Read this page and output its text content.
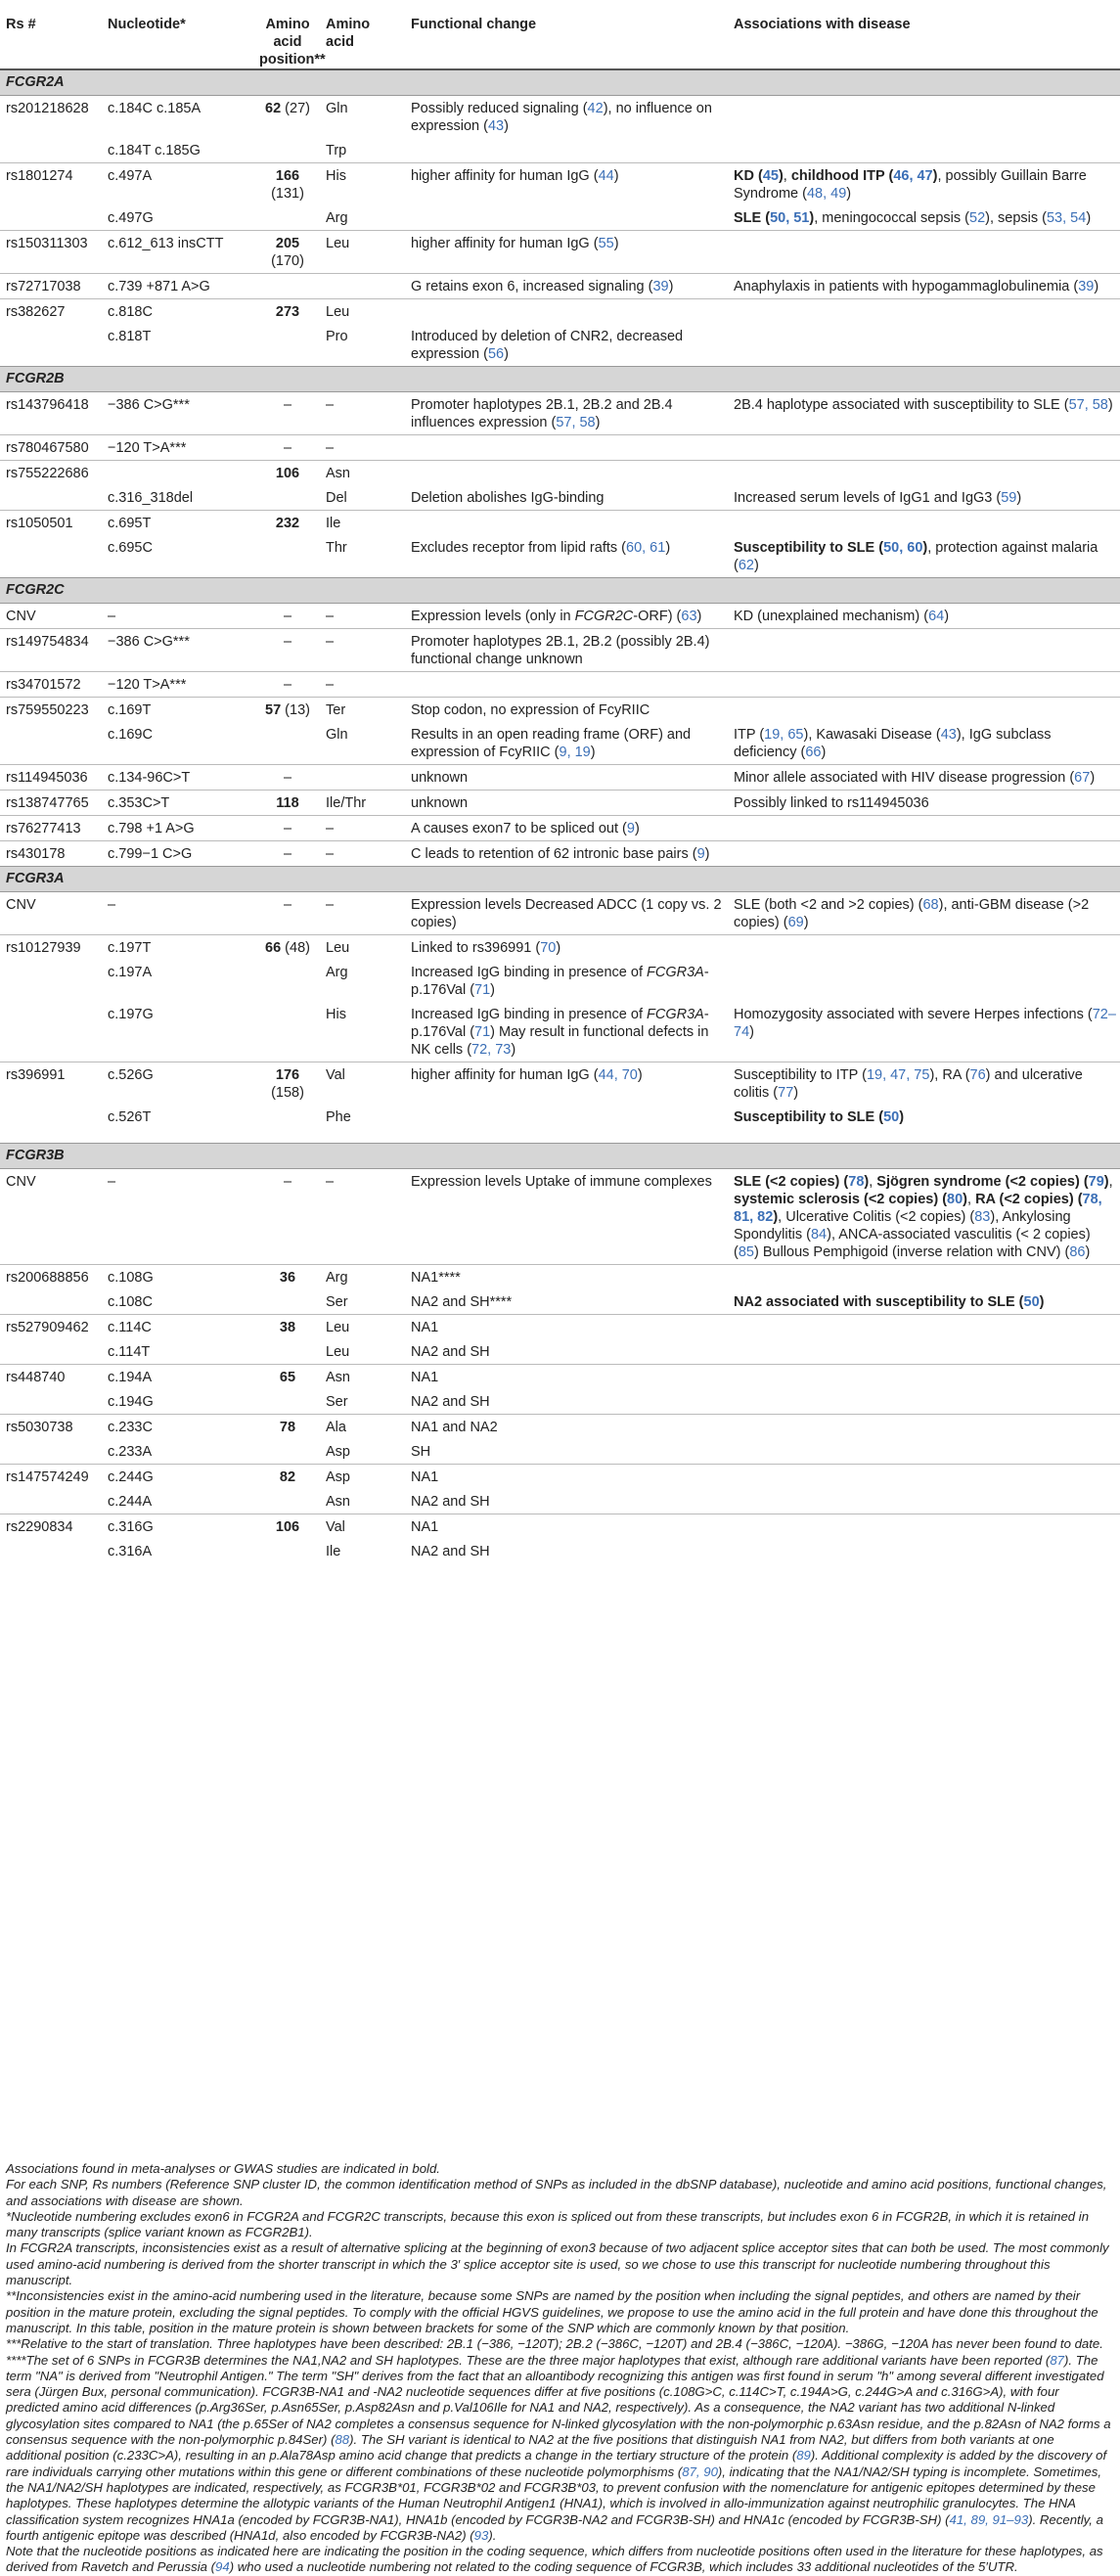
Rs #	Nucleotide*	Amino acid position**	Amino acid	Functional change	Associations with disease
FCGR2A					
rs201218628	c.184C c.185A	62 (27)	Gln	Possibly reduced signaling (42), no influence on expression (43)	
	c.184T c.185G		Trp		
rs1801274	c.497A	166 (131)	His	higher affinity for human IgG (44)	KD (45), childhood ITP (46, 47), possibly Guillain Barre Syndrome (48, 49)
	c.497G		Arg		SLE (50, 51), meningococcal sepsis (52), sepsis (53, 54)
rs150311303	c.612_613 insCTT	205 (170)	Leu	higher affinity for human IgG (55)	
rs72717038	c.739 +871 A>G			G retains exon 6, increased signaling (39)	Anaphylaxis in patients with hypogammaglobulinemia (39)
rs382627	c.818C	273	Leu		
	c.818T		Pro	Introduced by deletion of CNR2, decreased expression (56)	
FCGR2B					
rs143796418	−386 C>G***	–	–	Promoter haplotypes 2B.1, 2B.2 and 2B.4 influences expression (57, 58)	2B.4 haplotype associated with susceptibility to SLE (57, 58)
rs780467580	−120 T>A***	–	–		
rs755222686		106	Asn		
	c.316_318del		Del	Deletion abolishes IgG-binding	Increased serum levels of IgG1 and IgG3 (59)
rs1050501	c.695T	232	Ile		
	c.695C		Thr	Excludes receptor from lipid rafts (60, 61)	Susceptibility to SLE (50, 60), protection against malaria (62)
FCGR2C					
CNV	–	–	–	Expression levels (only in FCGR2C-ORF) (63)	KD (unexplained mechanism) (64)
rs149754834	−386 C>G***	–	–	Promoter haplotypes 2B.1, 2B.2 (possibly 2B.4) functional change unknown	
rs34701572	−120 T>A***	–	–		
rs759550223	c.169T	57 (13)	Ter	Stop codon, no expression of FcyRIIC	
	c.169C		Gln	Results in an open reading frame (ORF) and expression of FcyRIIC (9, 19)	ITP (19, 65), Kawasaki Disease (43), IgG subclass deficiency (66)
rs114945036	c.134-96C>T	–		unknown	Minor allele associated with HIV disease progression (67)
rs138747765	c.353C>T	118	Ile/Thr	unknown	Possibly linked to rs114945036
rs76277413	c.798 +1 A>G	–	–	A causes exon7 to be spliced out (9)	
rs430178	c.799−1 C>G	–	–	C leads to retention of 62 intronic base pairs (9)	
FCGR3A					
CNV	–	–	–	Expression levels Decreased ADCC (1 copy vs. 2 copies)	SLE (both <2 and >2 copies) (68), anti-GBM disease (>2 copies) (69)
rs10127939	c.197T	66 (48)	Leu	Linked to rs396991 (70)	
	c.197A		Arg	Increased IgG binding in presence of FCGR3A-p.176Val (71)	
	c.197G		His	Increased IgG binding in presence of FCGR3A-p.176Val (71) May result in functional defects in NK cells (72, 73)	Homozygosity associated with severe Herpes infections (72–74)
rs396991	c.526G	176 (158)	Val	higher affinity for human IgG (44, 70)	Susceptibility to ITP (19, 47, 75), RA (76) and ulcerative colitis (77)
	c.526T		Phe		Susceptibility to SLE (50)

FCGR3B					
CNV	–	–	–	Expression levels Uptake of immune complexes	SLE (<2 copies) (78), Sjögren syndrome (<2 copies) (79), systemic sclerosis (<2 copies) (80), RA (<2 copies) (78, 81, 82), Ulcerative Colitis (<2 copies) (83), Ankylosing Spondylitis (84), ANCA-associated vasculitis (< 2 copies) (85) Bullous Pemphigoid (inverse relation with CNV) (86)
rs200688856	c.108G	36	Arg	NA1****	
	c.108C		Ser	NA2 and SH****	NA2 associated with susceptibility to SLE (50)
rs527909462	c.114C	38	Leu	NA1	
	c.114T		Leu	NA2 and SH	
rs448740	c.194A	65	Asn	NA1	
	c.194G		Ser	NA2 and SH	
rs5030738	c.233C	78	Ala	NA1 and NA2	
	c.233A		Asp	SH	
rs147574249	c.244G	82	Asp	NA1	
	c.244A		Asn	NA2 and SH	
rs2290834	c.316G	106	Val	NA1	
	c.316A		Ile	NA2 and SH	

Associations found in meta-analyses or GWAS studies are indicated in bold.

For each SNP, Rs numbers (Reference SNP cluster ID, the common identification method of SNPs as included in the dbSNP database), nucleotide and amino acid positions, functional changes, and associations with disease are shown.

*Nucleotide numbering excludes exon6 in FCGR2A and FCGR2C transcripts, because this exon is spliced out from these transcripts, but includes exon 6 in FCGR2B, in which it is retained in many transcripts (splice variant known as FCGR2B1).

In FCGR2A transcripts, inconsistencies exist as a result of alternative splicing at the beginning of exon3 because of two adjacent splice acceptor sites that can both be used. The most commonly used amino-acid numbering is derived from the shorter transcript in which the 3′ splice acceptor site is used, so we chose to use this transcript for nucleotide numbering throughout this manuscript.

**Inconsistencies exist in the amino-acid numbering used in the literature, because some SNPs are named by the position when including the signal peptides, and others are named by their position in the mature protein, excluding the signal peptides. To comply with the official HGVS guidelines, we propose to use the amino acid in the full protein and have done this throughout the manuscript. In this table, position in the mature protein is shown between brackets for some of the SNP which are commonly known by that position.

***Relative to the start of translation. Three haplotypes have been described: 2B.1 (−386, −120T); 2B.2 (−386C, −120T) and 2B.4 (−386C, −120A). −386G, −120A has never been found to date.

****The set of 6 SNPs in FCGR3B determines the NA1,NA2 and SH haplotypes. These are the three major haplotypes that exist, although rare additional variants have been reported (87). The term "NA" is derived from "Neutrophil Antigen." The term "SH" derives from the fact that an alloantibody recognizing this antigen was first found in serum "h" among several different investigated sera (Jürgen Bux, personal communication). FCGR3B-NA1 and -NA2 nucleotide sequences differ at five positions (c.108G>C, c.114C>T, c.194A>G, c.244G>A and c.316G>A), with four predicted amino acid differences (p.Arg36Ser, p.Asn65Ser, p.Asp82Asn and p.Val106Ile for NA1 and NA2, respectively). As a consequence, the NA2 variant has two additional N-linked glycosylation sites compared to NA1 (the p.65Ser of NA2 completes a consensus sequence for N-linked glycosylation with the non-polymorphic p.63Asn residue, and the p.82Asn of NA2 forms a consensus sequence with the non-polymorphic p.84Ser) (88). The SH variant is identical to NA2 at the five positions that distinguish NA1 from NA2, but differs from both variants at one additional position (c.233C>A), resulting in an p.Ala78Asp amino acid change that predicts a change in the tertiary structure of the protein (89). Additional complexity is added by the discovery of rare individuals carrying other mutations within this gene or different combinations of these nucleotide polymorphisms (87, 90), indicating that the NA1/NA2/SH typing is incomplete. Sometimes, the NA1/NA2/SH haplotypes are indicated, respectively, as FCGR3B*01, FCGR3B*02 and FCGR3B*03, to prevent confusion with the nomenclature for antigenic epitopes determined by these haplotypes. These haplotypes determine the allotypic variants of the Human Neutrophil Antigen1 (HNA1), which is involved in allo-immunization against neutrophilic granulocytes. The HNA classification system recognizes HNA1a (encoded by FCGR3B-NA1), HNA1b (encoded by FCGR3B-NA2 and FCGR3B-SH) and HNA1c (encoded by FCGR3B-SH) (41, 89, 91–93). Recently, a fourth antigenic epitope was described (HNA1d, also encoded by FCGR3B-NA2) (93).

Note that the nucleotide positions as indicated here are indicating the position in the coding sequence, which differs from nucleotide positions often used in the literature for these haplotypes, as derived from Ravetch and Perussia (94) who used a nucleotide numbering not related to the coding sequence of FCGR3B, which includes 33 additional nucleotides of the 5′UTR.
